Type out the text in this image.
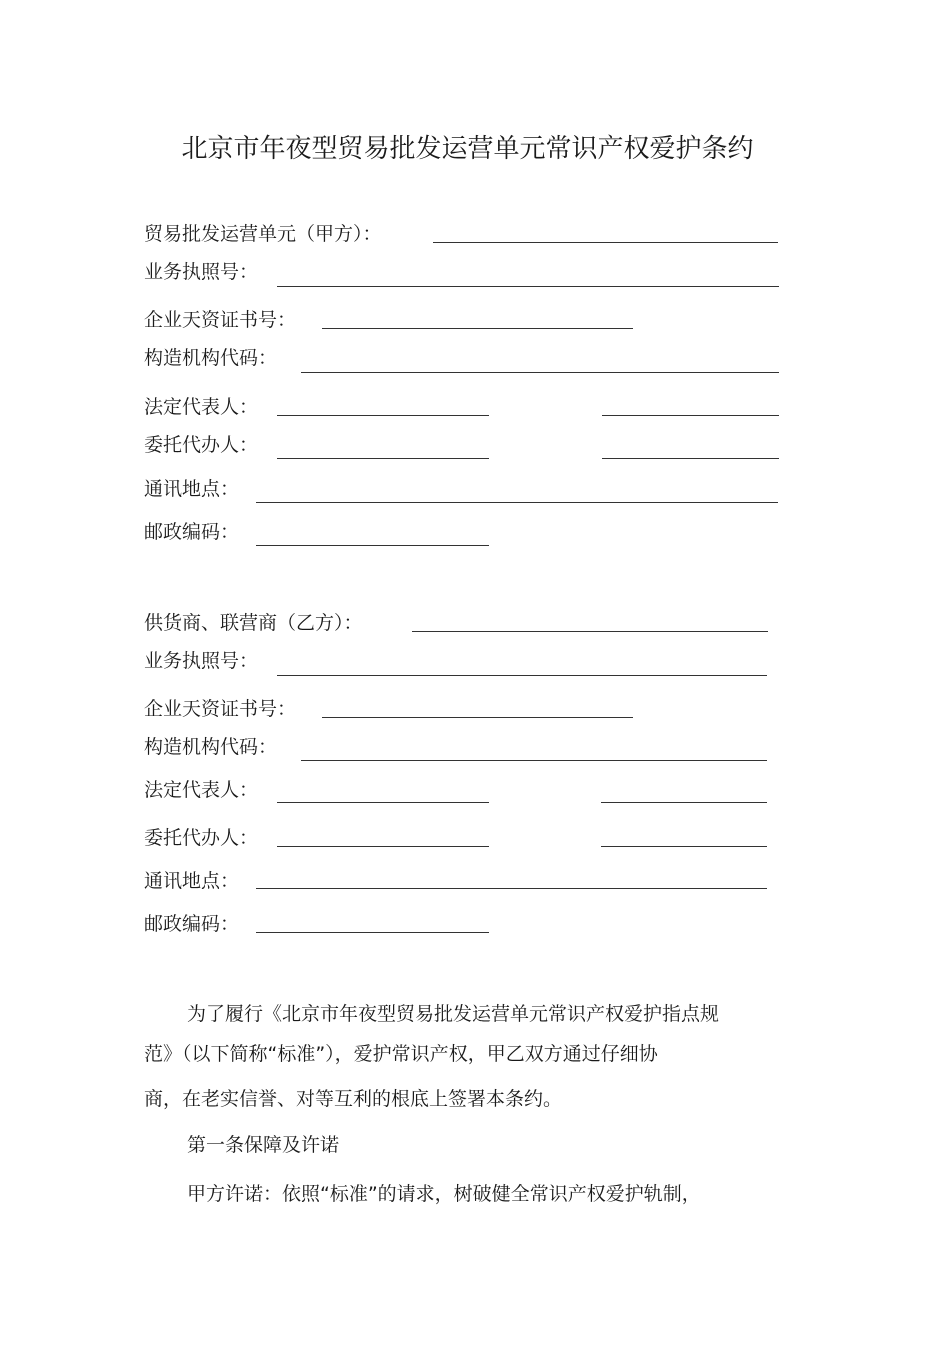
北京市年夜型贸易批发运营单元常识产权爱护条约
贸易批发运营单元（甲方）：
业务执照号：
企业天资证书号：
构造机构代码：
法定代表人：
委托代办人：
通讯地点：
邮政编码：
供货商、联营商（乙方）：
业务执照号：
企业天资证书号：
构造机构代码：
法定代表人：
委托代办人：
通讯地点：
邮政编码：
为了履行《北京市年夜型贸易批发运营单元常识产权爱护指点规
范》（以下简称“标准”），爱护常识产权，甲乙双方通过仔细协
商，在老实信誉、对等互利的根底上签署本条约。
第一条保障及许诺
甲方许诺：依照“标准”的请求，树破健全常识产权爱护轨制，
